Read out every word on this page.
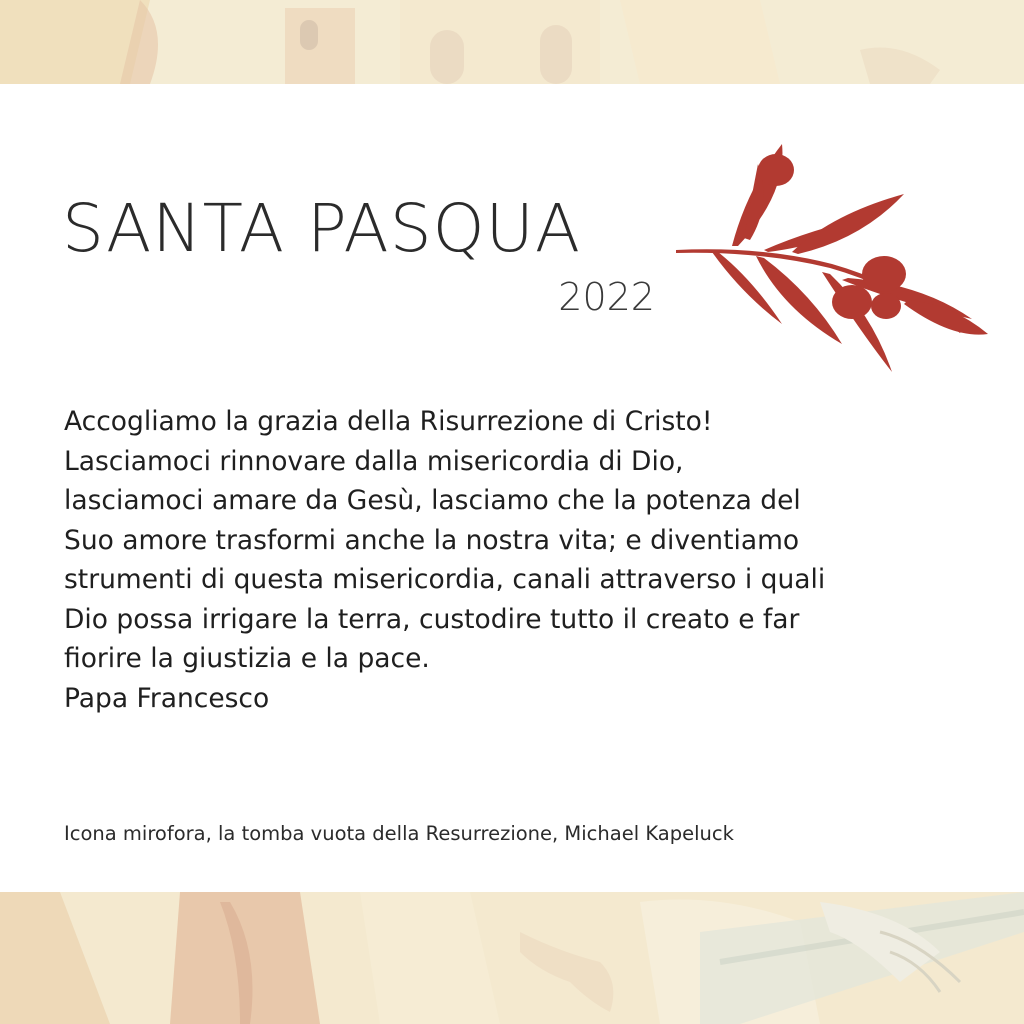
SANTA PASQUA
2022

Accogliamo la grazia della Risurrezione di Cristo!

Lasciamoci rinnovare dalla misericordia di Dio,

lasciamoci amare da Gesù, lasciamo che la potenza del

Suo amore trasformi anche la nostra vita; e diventiamo

strumenti di questa misericordia, canali attraverso i quali

Dio possa irrigare la terra, custodire tutto il creato e far

fiorire la giustizia e la pace.

Papa Francesco

Icona mirofora, la tomba vuota della Resurrezione, Michael Kapeluck
